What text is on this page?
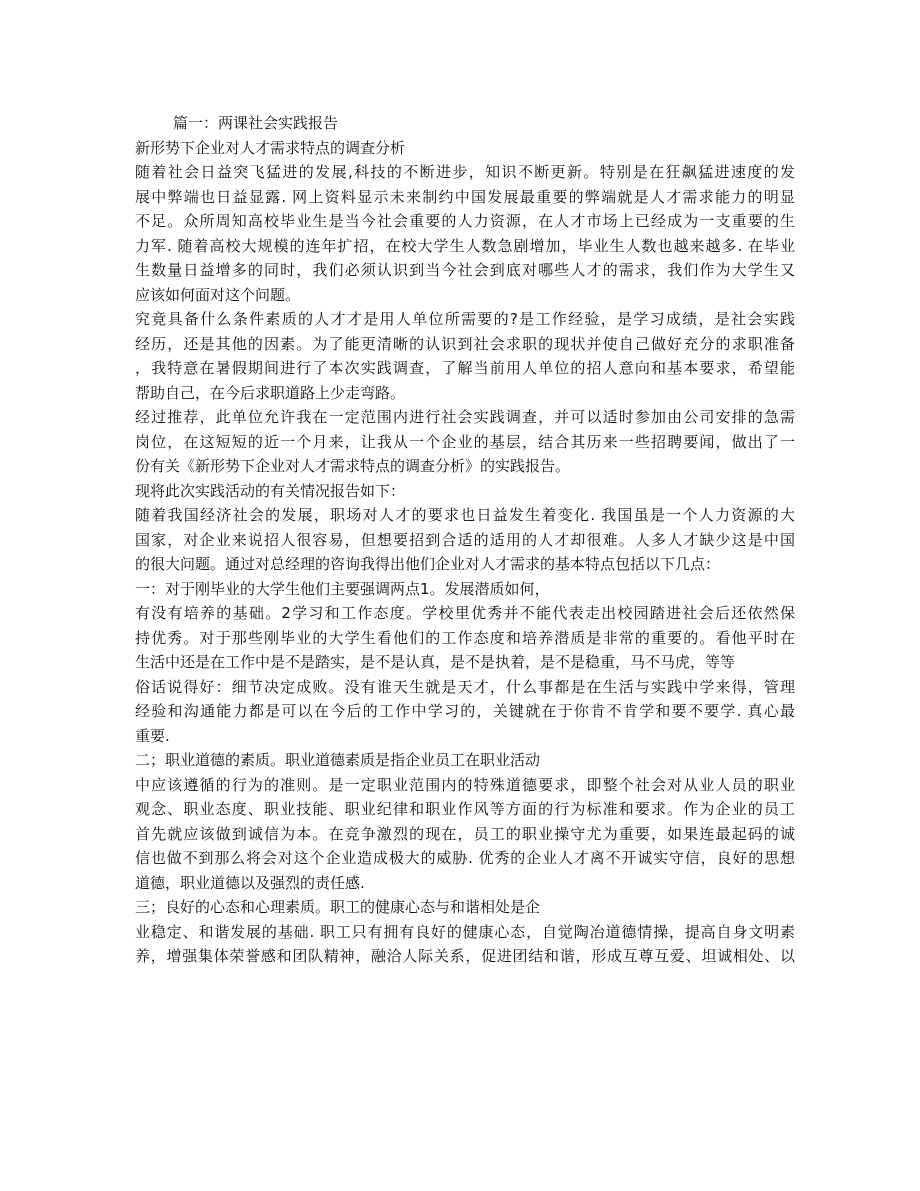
篇一：两课社会实践报告
新形势下企业对人才需求特点的调查分析
随着社会日益突飞猛进的发展,科技的不断进步，知识不断更新。特别是在狂飙猛进速度的发
展中弊端也日益显露. 网上资料显示未来制约中国发展最重要的弊端就是人才需求能力的明显
不足。众所周知高校毕业生是当今社会重要的人力资源，在人才市场上已经成为一支重要的生
力军. 随着高校大规模的连年扩招，在校大学生人数急剧增加，毕业生人数也越来越多. 在毕业
生数量日益增多的同时，我们必须认识到当今社会到底对哪些人才的需求，我们作为大学生又
应该如何面对这个问题。
究竟具备什么条件素质的人才才是用人单位所需要的?是工作经验，是学习成绩，是社会实践
经历，还是其他的因素。为了能更清晰的认识到社会求职的现状并使自己做好充分的求职准备
，我特意在暑假期间进行了本次实践调查，了解当前用人单位的招人意向和基本要求，希望能
帮助自己，在今后求职道路上少走弯路。
经过推荐，此单位允许我在一定范围内进行社会实践调查，并可以适时参加由公司安排的急需
岗位，在这短短的近一个月来，让我从一个企业的基层，结合其历来一些招聘要闻，做出了一
份有关《新形势下企业对人才需求特点的调查分析》的实践报告。
现将此次实践活动的有关情况报告如下：
随着我国经济社会的发展，职场对人才的要求也日益发生着变化. 我国虽是一个人力资源的大
国家，对企业来说招人很容易，但想要招到合适的适用的人才却很难。人多人才缺少这是中国
的很大问题。通过对总经理的咨询我得出他们企业对人才需求的基本特点包括以下几点：
一：对于刚毕业的大学生他们主要强调两点1。发展潜质如何，
有没有培养的基础。2学习和工作态度。学校里优秀并不能代表走出校园踏进社会后还依然保
持优秀。对于那些刚毕业的大学生看他们的工作态度和培养潜质是非常的重要的。看他平时在
生活中还是在工作中是不是踏实，是不是认真，是不是执着，是不是稳重，马不马虎，等等
俗话说得好：细节决定成败。没有谁天生就是天才，什么事都是在生活与实践中学来得，管理
经验和沟通能力都是可以在今后的工作中学习的，关键就在于你肯不肯学和要不要学. 真心最
重要.
二；职业道德的素质。职业道德素质是指企业员工在职业活动
中应该遵循的行为的准则。是一定职业范围内的特殊道德要求，即整个社会对从业人员的职业
观念、职业态度、职业技能、职业纪律和职业作风等方面的行为标准和要求。作为企业的员工
首先就应该做到诚信为本。在竞争激烈的现在，员工的职业操守尤为重要，如果连最起码的诚
信也做不到那么将会对这个企业造成极大的威胁. 优秀的企业人才离不开诚实守信，良好的思想
道德，职业道德以及强烈的责任感.
三；良好的心态和心理素质。职工的健康心态与和谐相处是企
业稳定、和谐发展的基础. 职工只有拥有良好的健康心态，自觉陶冶道德情操，提高自身文明素
养，增强集体荣誉感和团队精神，融洽人际关系，促进团结和谐，形成互尊互爱、坦诚相处、以
